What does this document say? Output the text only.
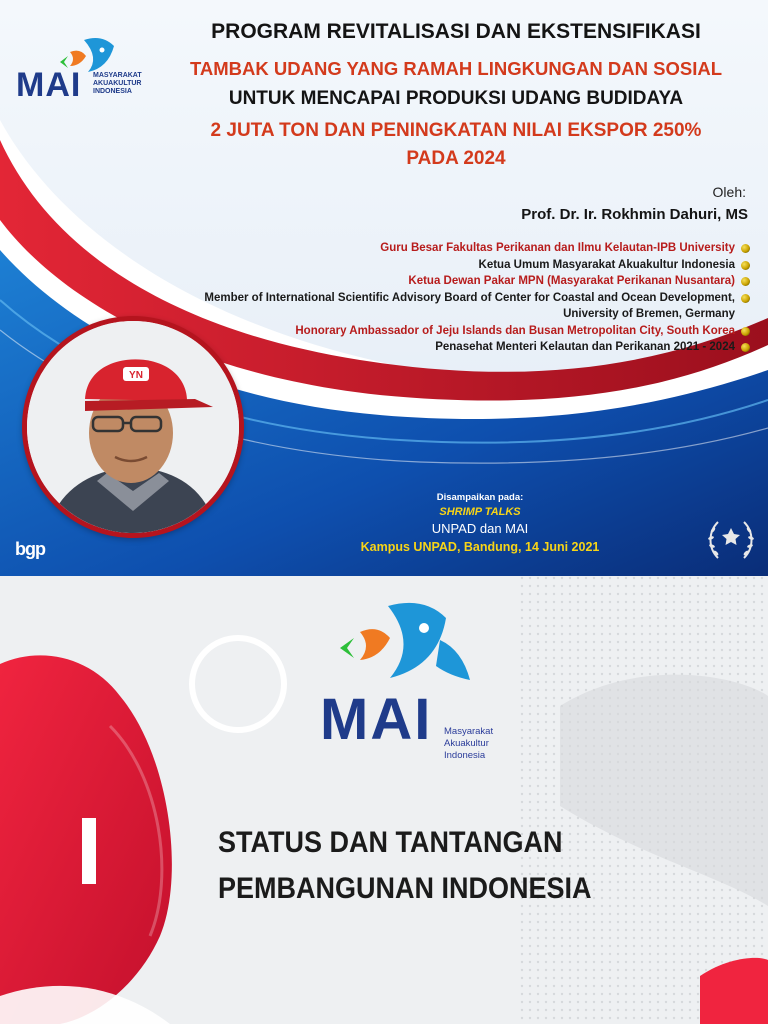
MAI MASYARAKAT
AKUAKULTUR
INDONESIA
PROGRAM REVITALISASI DAN EKSTENSIFIKASI
TAMBAK UDANG YANG RAMAH LINGKUNGAN DAN SOSIAL
UNTUK MENCAPAI PRODUKSI UDANG BUDIDAYA
2 JUTA TON DAN PENINGKATAN NILAI EKSPOR 250%
PADA 2024
Oleh:
Prof. Dr. Ir. Rokhmin Dahuri, MS
Guru Besar Fakultas Perikanan dan Ilmu Kelautan-IPB University
Ketua Umum Masyarakat Akuakultur Indonesia
Ketua Dewan Pakar MPN (Masyarakat Perikanan Nusantara)
Member of International Scientific Advisory Board of Center for Coastal and Ocean Development, University of Bremen, Germany
Honorary Ambassador of Jeju Islands dan Busan Metropolitan City, South Korea
Penasehat Menteri Kelautan dan Perikanan 2021 - 2024
YN
Disampaikan pada:
SHRIMP TALKS
UNPAD dan MAI
Kampus UNPAD, Bandung, 14 Juni 2021
bgp
MAI Masyarakat
Akuakultur
Indonesia
STATUS DAN TANTANGAN
PEMBANGUNAN INDONESIA
